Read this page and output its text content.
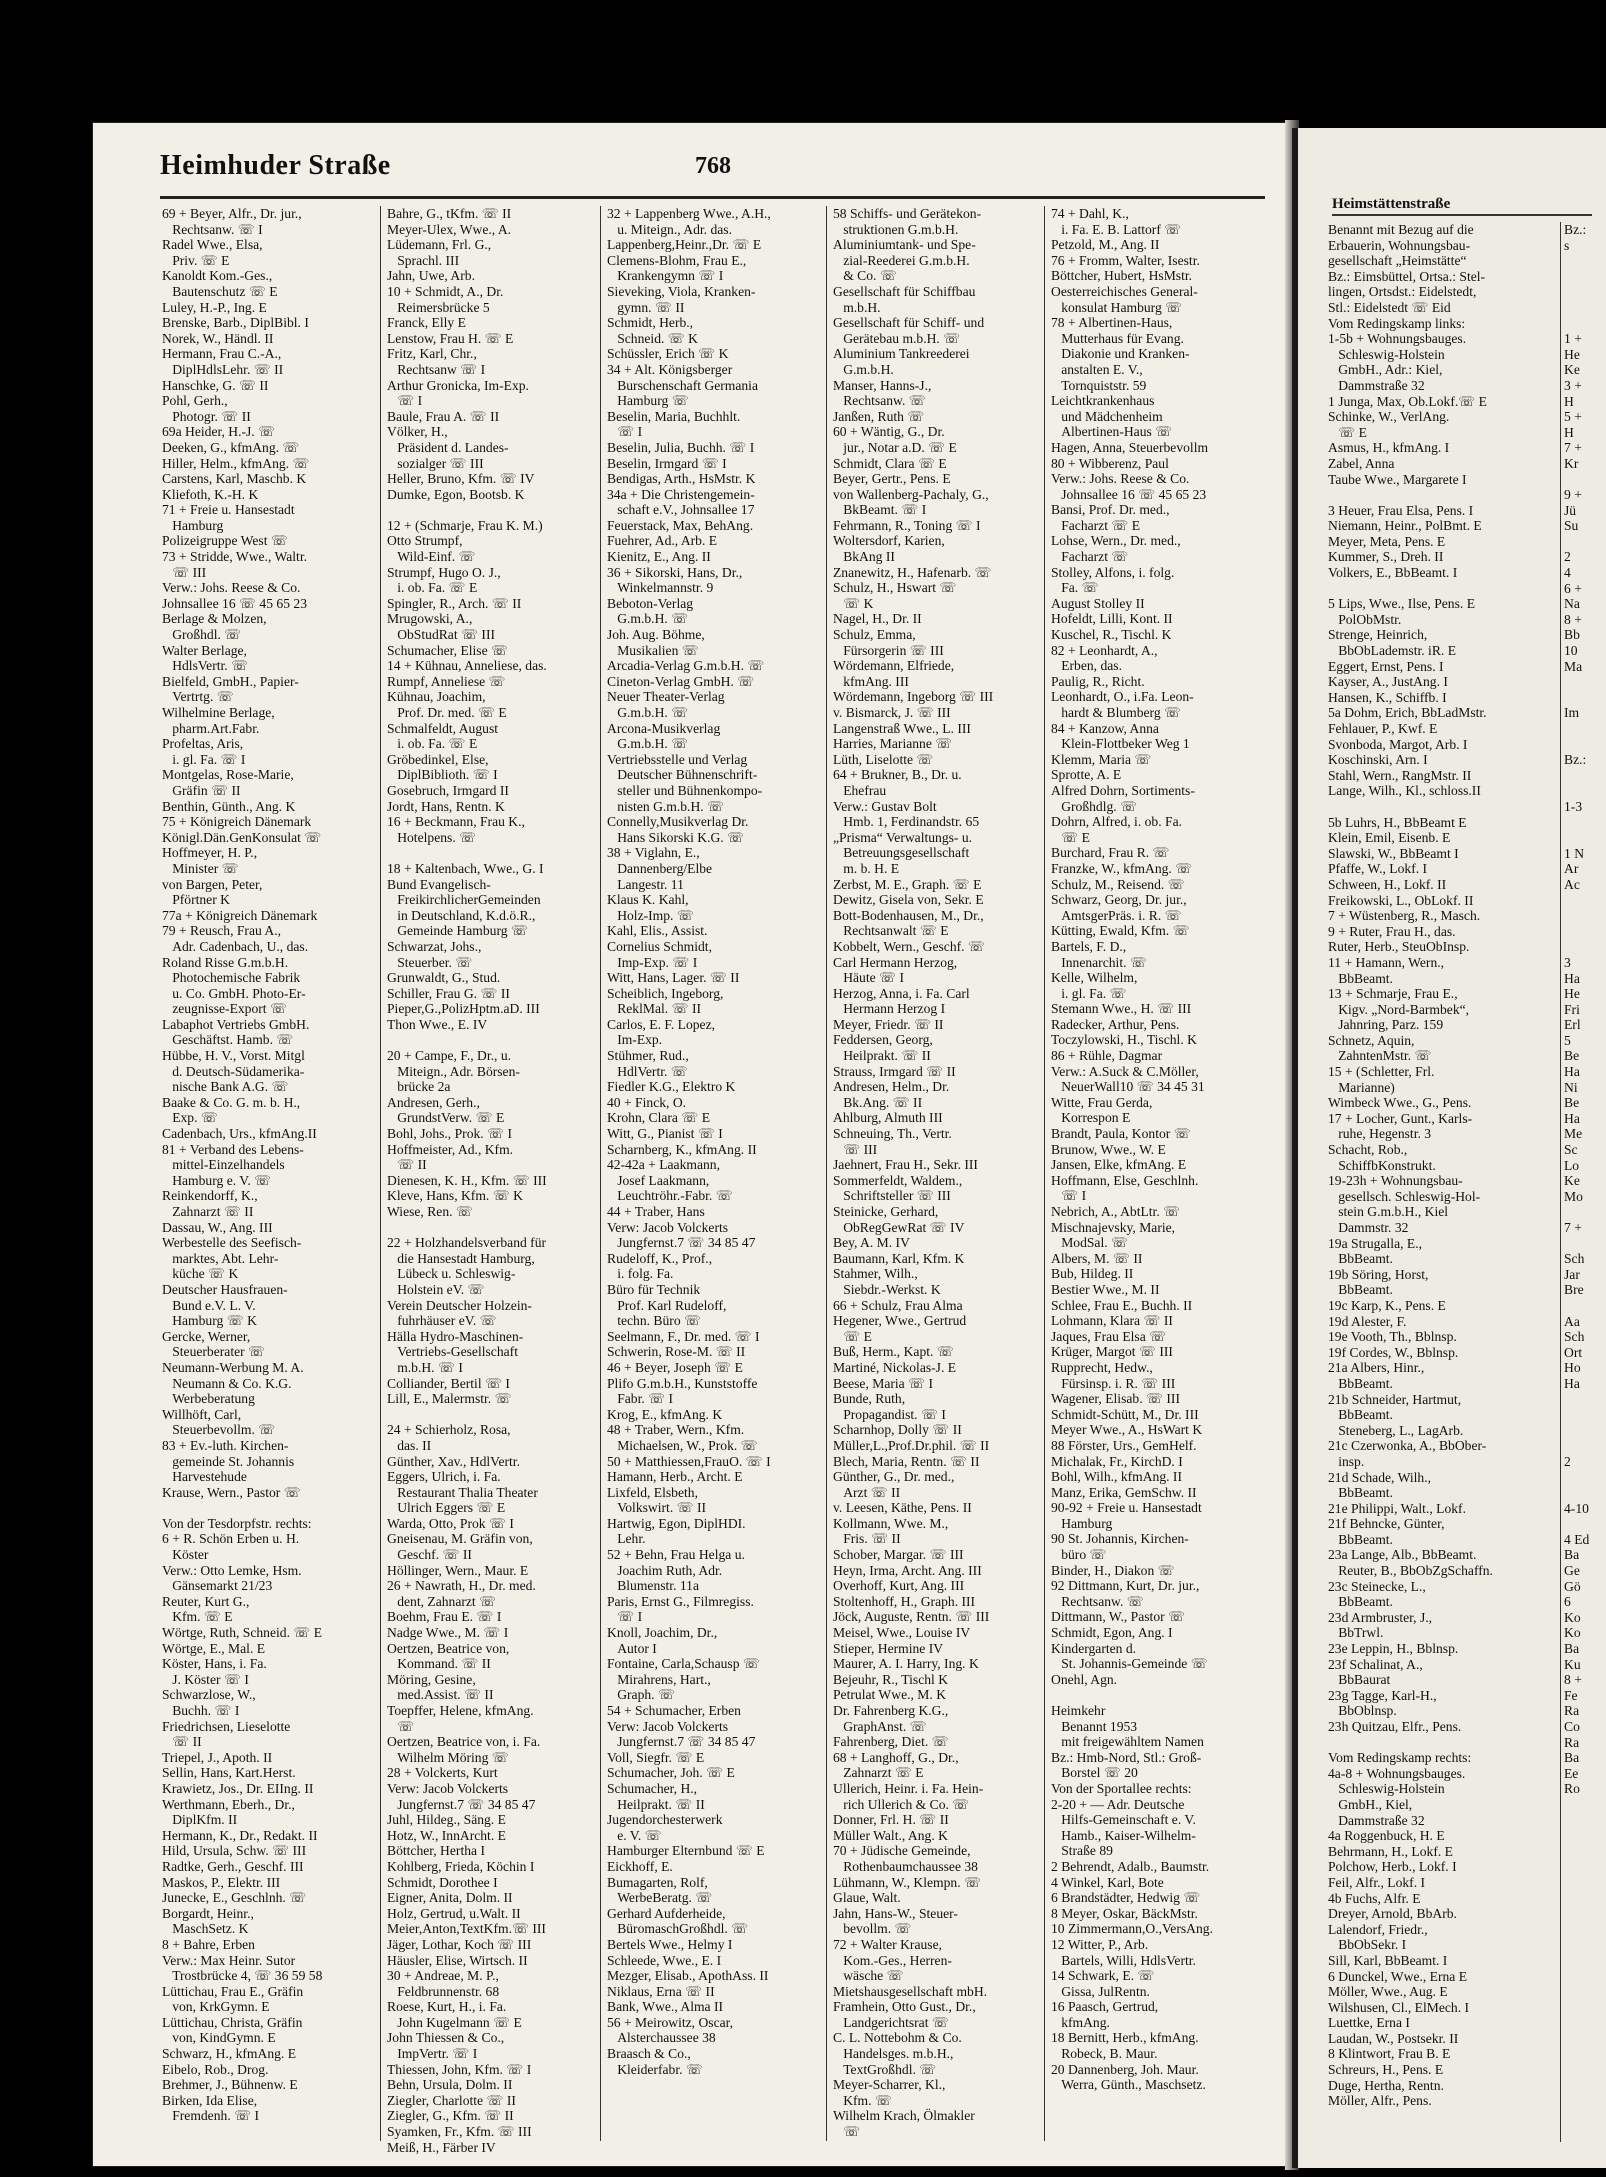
Heimhuder Straße	768
69 + Beyer, Alfr., Dr. jur.,
Rechtsanw. ☏ I
Radel Wwe., Elsa,
Priv. ☏ E
Kanoldt Kom.-Ges.,
Bautenschutz ☏ E
Luley, H.-P., Ing. E
Brenske, Barb., DiplBibl. I
Norek, W., Händl. II
Hermann, Frau C.-A.,
DiplHdlsLehr. ☏ II
Hanschke, G. ☏ II
Pohl, Gerh.,
Photogr. ☏ II
69a Heider, H.-J. ☏
Deeken, G., kfmAng. ☏
Hiller, Helm., kfmAng. ☏
Carstens, Karl, Maschb. K
Kliefoth, K.-H. K
71 + Freie u. Hansestadt
Hamburg
Polizeigruppe West ☏
73 + Stridde, Wwe., Waltr.
☏ III
Verw.: Johs. Reese & Co.
Johnsallee 16 ☏ 45 65 23
Berlage & Molzen,
Großhdl. ☏
Walter Berlage,
HdlsVertr. ☏
Bielfeld, GmbH., Papier-
Vertrtg. ☏
Wilhelmine Berlage,
pharm.Art.Fabr.
Profeltas, Aris,
i. gl. Fa. ☏ I
Montgelas, Rose-Marie,
Gräfin ☏ II
Benthin, Günth., Ang. K
75 + Königreich Dänemark
Königl.Dän.GenKonsulat ☏
Hoffmeyer, H. P.,
Minister ☏
von Bargen, Peter,
Pförtner K
77a + Königreich Dänemark
79 + Reusch, Frau A.,
Adr. Cadenbach, U., das.
Roland Risse G.m.b.H.
Photochemische Fabrik
u. Co. GmbH. Photo-Er-
zeugnisse-Export ☏
Labaphot Vertriebs GmbH.
Geschäftst. Hamb. ☏
Hübbe, H. V., Vorst. Mitgl
d. Deutsch-Südamerika-
nische Bank A.G. ☏
Baake & Co. G. m. b. H.,
Exp. ☏
Cadenbach, Urs., kfmAng.II
81 + Verband des Lebens-
mittel-Einzelhandels
Hamburg e. V. ☏
Reinkendorff, K.,
Zahnarzt ☏ II
Dassau, W., Ang. III
Werbestelle des Seefisch-
marktes, Abt. Lehr-
küche ☏ K
Deutscher Hausfrauen-
Bund e.V. L. V.
Hamburg ☏ K
Gercke, Werner,
Steuerberater ☏
Neumann-Werbung M. A.
Neumann & Co. K.G.
Werbeberatung
Willhöft, Carl,
Steuerbevollm. ☏
83 + Ev.-luth. Kirchen-
gemeinde St. Johannis
Harvestehude
Krause, Wern., Pastor ☏
Von der Tesdorpfstr. rechts:
6 + R. Schön Erben u. H.
Köster
Verw.: Otto Lemke, Hsm.
Gänsemarkt 21/23
Reuter, Kurt G.,
Kfm. ☏ E
Wörtge, Ruth, Schneid. ☏ E
Wörtge, E., Mal. E
Köster, Hans, i. Fa.
J. Köster ☏ I
Schwarzlose, W.,
Buchh. ☏ I
Friedrichsen, Lieselotte
☏ II
Triepel, J., Apoth. II
Sellin, Hans, Kart.Herst.
Krawietz, Jos., Dr. EIIng. II
Werthmann, Eberh., Dr.,
DiplKfm. II
Hermann, K., Dr., Redakt. II
Hild, Ursula, Schw. ☏ III
Radtke, Gerh., Geschf. III
Maskos, P., Elektr. III
Junecke, E., Geschlnh. ☏
Borgardt, Heinr.,
MaschSetz. K
8 + Bahre, Erben
Verw.: Max Heinr. Sutor
Trostbrücke 4, ☏ 36 59 58
Lüttichau, Frau E., Gräfin
von, KrkGymn. E
Lüttichau, Christa, Gräfin
von, KindGymn. E
Schwarz, H., kfmAng. E
Eibelo, Rob., Drog.
Brehmer, J., Bühnenw. E
Birken, Ida Elise,
Fremdenh. ☏ I
Bahre, G., tKfm. ☏ II
Meyer-Ulex, Wwe., A.
Lüdemann, Frl. G.,
Sprachl. III
Jahn, Uwe, Arb.
10 + Schmidt, A., Dr.
Reimersbrücke 5
Franck, Elly E
Lenstow, Frau H. ☏ E
Fritz, Karl, Chr.,
Rechtsanw ☏ I
Arthur Gronicka, Im-Exp.
☏ I
Baule, Frau A. ☏ II
Völker, H.,
Präsident d. Landes-
sozialger ☏ III
Heller, Bruno, Kfm. ☏ IV
Dumke, Egon, Bootsb. K
12 + (Schmarje, Frau K. M.)
Otto Strumpf,
Wild-Einf. ☏
Strumpf, Hugo O. J.,
i. ob. Fa. ☏ E
Spingler, R., Arch. ☏ II
Mrugowski, A.,
ObStudRat ☏ III
Schumacher, Elise ☏
14 + Kühnau, Anneliese, das.
Rumpf, Anneliese ☏
Kühnau, Joachim,
Prof. Dr. med. ☏ E
Schmalfeldt, August
i. ob. Fa. ☏ E
Gröbedinkel, Else,
DiplBiblioth. ☏ I
Gosebruch, Irmgard II
Jordt, Hans, Rentn. K
16 + Beckmann, Frau K.,
Hotelpens. ☏
18 + Kaltenbach, Wwe., G. I
Bund Evangelisch-
FreikirchlicherGemeinden
in Deutschland, K.d.ö.R.,
Gemeinde Hamburg ☏
Schwarzat, Johs.,
Steuerber. ☏
Grunwaldt, G., Stud.
Schiller, Frau G. ☏ II
Pieper,G.,PolizHptm.aD. III
Thon Wwe., E. IV
20 + Campe, F., Dr., u.
Miteign., Adr. Börsen-
brücke 2a
Andresen, Gerh.,
GrundstVerw. ☏ E
Bohl, Johs., Prok. ☏ I
Hoffmeister, Ad., Kfm.
☏ II
Dienesen, K. H., Kfm. ☏ III
Kleve, Hans, Kfm. ☏ K
Wiese, Ren. ☏
22 + Holzhandelsverband für
die Hansestadt Hamburg,
Lübeck u. Schleswig-
Holstein eV. ☏
Verein Deutscher Holzein-
fuhrhäuser eV. ☏
Hälla Hydro-Maschinen-
Vertriebs-Gesellschaft
m.b.H. ☏ I
Colliander, Bertil ☏ I
Lill, E., Malermstr. ☏
24 + Schierholz, Rosa,
das. II
Günther, Xav., HdlVertr.
Eggers, Ulrich, i. Fa.
Restaurant Thalia Theater
Ulrich Eggers ☏ E
Warda, Otto, Prok ☏ I
Gneisenau, M. Gräfin von,
Geschf. ☏ II
Höllinger, Wern., Maur. E
26 + Nawrath, H., Dr. med.
dent, Zahnarzt ☏
Boehm, Frau E. ☏ I
Nadge Wwe., M. ☏ I
Oertzen, Beatrice von,
Kommand. ☏ II
Möring, Gesine,
med.Assist. ☏ II
Toepffer, Helene, kfmAng.
☏
Oertzen, Beatrice von, i. Fa.
Wilhelm Möring ☏
28 + Volckerts, Kurt
Verw: Jacob Volckerts
Jungfernst.7 ☏ 34 85 47
Juhl, Hildeg., Säng. E
Hotz, W., InnArcht. E
Böttcher, Hertha I
Kohlberg, Frieda, Köchin I
Schmidt, Dorothee I
Eigner, Anita, Dolm. II
Holz, Gertrud, u.Walt. II
Meier,Anton,TextKfm.☏ III
Jäger, Lothar, Koch ☏ III
Häusler, Elise, Wirtsch. II
30 + Andreae, M. P.,
Feldbrunnenstr. 68
Roese, Kurt, H., i. Fa.
John Kugelmann ☏ E
John Thiessen & Co.,
ImpVertr. ☏ I
Thiessen, John, Kfm. ☏ I
Behn, Ursula, Dolm. II
Ziegler, Charlotte ☏ II
Ziegler, G., Kfm. ☏ II
Syamken, Fr., Kfm. ☏ III
Meiß, H., Färber IV
32 + Lappenberg Wwe., A.H.,
u. Miteign., Adr. das.
Lappenberg,Heinr.,Dr. ☏ E
Clemens-Blohm, Frau E.,
Krankengymn ☏ I
Sieveking, Viola, Kranken-
gymn. ☏ II
Schmidt, Herb.,
Schneid. ☏ K
Schüssler, Erich ☏ K
34 + Alt. Königsberger
Burschenschaft Germania
Hamburg ☏
Beselin, Maria, Buchhlt.
☏ I
Beselin, Julia, Buchh. ☏ I
Beselin, Irmgard ☏ I
Bendigas, Arth., HsMstr. K
34a + Die Christengemein-
schaft e.V., Johnsallee 17
Feuerstack, Max, BehAng.
Fuehrer, Ad., Arb. E
Kienitz, E., Ang. II
36 + Sikorski, Hans, Dr.,
Winkelmannstr. 9
Beboton-Verlag
G.m.b.H. ☏
Joh. Aug. Böhme,
Musikalien ☏
Arcadia-Verlag G.m.b.H. ☏
Cineton-Verlag GmbH. ☏
Neuer Theater-Verlag
G.m.b.H. ☏
Arcona-Musikverlag
G.m.b.H. ☏
Vertriebsstelle und Verlag
Deutscher Bühnenschrift-
steller und Bühnenkompo-
nisten G.m.b.H. ☏
Connelly,Musikverlag Dr.
Hans Sikorski K.G. ☏
38 + Viglahn, E.,
Dannenberg/Elbe
Langestr. 11
Klaus K. Kahl,
Holz-Imp. ☏
Kahl, Elis., Assist.
Cornelius Schmidt,
Imp-Exp. ☏ I
Witt, Hans, Lager. ☏ II
Scheiblich, Ingeborg,
ReklMal. ☏ II
Carlos, E. F. Lopez,
Im-Exp.
Stühmer, Rud.,
HdlVertr. ☏
Fiedler K.G., Elektro K
40 + Finck, O.
Krohn, Clara ☏ E
Witt, G., Pianist ☏ I
Scharnberg, K., kfmAng. II
42-42a + Laakmann,
Josef Laakmann,
Leuchtröhr.-Fabr. ☏
44 + Traber, Hans
Verw: Jacob Volckerts
Jungfernst.7 ☏ 34 85 47
Rudeloff, K., Prof.,
i. folg. Fa.
Büro für Technik
Prof. Karl Rudeloff,
techn. Büro ☏
Seelmann, F., Dr. med. ☏ I
Schwerin, Rose-M. ☏ II
46 + Beyer, Joseph ☏ E
Plifo G.m.b.H., Kunststoffe
Fabr. ☏ I
Krog, E., kfmAng. K
48 + Traber, Wern., Kfm.
Michaelsen, W., Prok. ☏
50 + Matthiessen,FrauO. ☏ I
Hamann, Herb., Archt. E
Lixfeld, Elsbeth,
Volkswirt. ☏ II
Hartwig, Egon, DiplHDI.
Lehr.
52 + Behn, Frau Helga u.
Joachim Ruth, Adr.
Blumenstr. 11a
Paris, Ernst G., Filmregiss.
☏ I
Knoll, Joachim, Dr.,
Autor I
Fontaine, Carla,Schausp ☏
Mirahrens, Hart.,
Graph. ☏
54 + Schumacher, Erben
Verw: Jacob Volckerts
Jungfernst.7 ☏ 34 85 47
Voll, Siegfr. ☏ E
Schumacher, Joh. ☏ E
Schumacher, H.,
Heilprakt. ☏ II
Jugendorchesterwerk
e. V. ☏
Hamburger Elternbund ☏ E
Eickhoff, E.
Bumagarten, Rolf,
WerbeBeratg. ☏
Gerhard Aufderheide,
BüromaschGroßhdl. ☏
Bertels Wwe., Helmy I
Schleede, Wwe., E. I
Mezger, Elisab., ApothAss. II
Niklaus, Erna ☏ II
Bank, Wwe., Alma II
56 + Meirowitz, Oscar,
Alsterchaussee 38
Braasch & Co.,
Kleiderfabr. ☏
58 Schiffs- und Gerätekon-
struktionen G.m.b.H.
Aluminiumtank- und Spe-
zial-Reederei G.m.b.H.
& Co. ☏
Gesellschaft für Schiffbau
m.b.H.
Gesellschaft für Schiff- und
Gerätebau m.b.H. ☏
Aluminium Tankreederei
G.m.b.H.
Manser, Hanns-J.,
Rechtsanw. ☏
Janßen, Ruth ☏
60 + Wäntig, G., Dr.
jur., Notar a.D. ☏ E
Schmidt, Clara ☏ E
Beyer, Gertr., Pens. E
von Wallenberg-Pachaly, G.,
BkBeamt. ☏ I
Fehrmann, R., Toning ☏ I
Woltersdorf, Karien,
BkAng II
Znanewitz, H., Hafenarb. ☏
Schulz, H., Hswart ☏
☏ K
Nagel, H., Dr. II
Schulz, Emma,
Fürsorgerin ☏ III
Wördemann, Elfriede,
kfmAng. III
Wördemann, Ingeborg ☏ III
v. Bismarck, J. ☏ III
Langenstraß Wwe., L. III
Harries, Marianne ☏
Lüth, Liselotte ☏
64 + Brukner, B., Dr. u.
Ehefrau
Verw.: Gustav Bolt
Hmb. 1, Ferdinandstr. 65
„Prisma“ Verwaltungs- u.
Betreuungsgesellschaft
m. b. H. E
Zerbst, M. E., Graph. ☏ E
Dewitz, Gisela von, Sekr. E
Bott-Bodenhausen, M., Dr.,
Rechtsanwalt ☏ E
Kobbelt, Wern., Geschf. ☏
Carl Hermann Herzog,
Häute ☏ I
Herzog, Anna, i. Fa. Carl
Hermann Herzog I
Meyer, Friedr. ☏ II
Feddersen, Georg,
Heilprakt. ☏ II
Strauss, Irmgard ☏ II
Andresen, Helm., Dr.
Bk.Ang. ☏ II
Ahlburg, Almuth III
Schneuing, Th., Vertr.
☏ III
Jaehnert, Frau H., Sekr. III
Sommerfeldt, Waldem.,
Schriftsteller ☏ III
Steinicke, Gerhard,
ObRegGewRat ☏ IV
Bey, A. M. IV
Baumann, Karl, Kfm. K
Stahmer, Wilh.,
Siebdr.-Werkst. K
66 + Schulz, Frau Alma
Hegener, Wwe., Gertrud
☏ E
Buß, Herm., Kapt. ☏
Martiné, Nickolas-J. E
Beese, Maria ☏ I
Bunde, Ruth,
Propagandist. ☏ I
Scharnhop, Dolly ☏ II
Müller,L.,Prof.Dr.phil. ☏ II
Blech, Maria, Rentn. ☏ II
Günther, G., Dr. med.,
Arzt ☏ II
v. Leesen, Käthe, Pens. II
Kollmann, Wwe. M.,
Fris. ☏ II
Schober, Margar. ☏ III
Heyn, Irma, Archt. Ang. III
Overhoff, Kurt, Ang. III
Stoltenhoff, H., Graph. III
Jöck, Auguste, Rentn. ☏ III
Meisel, Wwe., Louise IV
Stieper, Hermine IV
Maurer, A. I. Harry, Ing. K
Bejeuhr, R., Tischl K
Petrulat Wwe., M. K
Dr. Fahrenberg K.G.,
GraphAnst. ☏
Fahrenberg, Diet. ☏
68 + Langhoff, G., Dr.,
Zahnarzt ☏ E
Ullerich, Heinr. i. Fa. Hein-
rich Ullerich & Co. ☏
Donner, Frl. H. ☏ II
Müller Walt., Ang. K
70 + Jüdische Gemeinde,
Rothenbaumchaussee 38
Lühmann, W., Klempn. ☏
Glaue, Walt.
Jahn, Hans-W., Steuer-
bevollm. ☏
72 + Walter Krause,
Kom.-Ges., Herren-
wäsche ☏
Mietshausgesellschaft mbH.
Framhein, Otto Gust., Dr.,
Landgerichtsrat ☏
C. L. Nottebohm & Co.
Handelsges. m.b.H.,
TextGroßhdl. ☏
Meyer-Scharrer, Kl.,
Kfm. ☏
Wilhelm Krach, Ölmakler
☏
74 + Dahl, K.,
i. Fa. E. B. Lattorf ☏
Petzold, M., Ang. II
76 + Fromm, Walter, Isestr.
Böttcher, Hubert, HsMstr.
Oesterreichisches General-
konsulat Hamburg ☏
78 + Albertinen-Haus,
Mutterhaus für Evang.
Diakonie und Kranken-
anstalten E. V.,
Tornquiststr. 59
Leichtkrankenhaus
und Mädchenheim
Albertinen-Haus ☏
Hagen, Anna, Steuerbevollm
80 + Wibberenz, Paul
Verw.: Johs. Reese & Co.
Johnsallee 16 ☏ 45 65 23
Bansi, Prof. Dr. med.,
Facharzt ☏ E
Lohse, Wern., Dr. med.,
Facharzt ☏
Stolley, Alfons, i. folg.
Fa. ☏
August Stolley II
Hofeldt, Lilli, Kont. II
Kuschel, R., Tischl. K
82 + Leonhardt, A.,
Erben, das.
Paulig, R., Richt.
Leonhardt, O., i.Fa. Leon-
hardt & Blumberg ☏
84 + Kanzow, Anna
Klein-Flottbeker Weg 1
Klemm, Maria ☏
Sprotte, A. E
Alfred Dohrn, Sortiments-
Großhdlg. ☏
Dohrn, Alfred, i. ob. Fa.
☏ E
Burchard, Frau R. ☏
Franzke, W., kfmAng. ☏
Schulz, M., Reisend. ☏
Schwarz, Georg, Dr. jur.,
AmtsgerPräs. i. R. ☏
Kütting, Ewald, Kfm. ☏
Bartels, F. D.,
Innenarchit. ☏
Kelle, Wilhelm,
i. gl. Fa. ☏
Stemann Wwe., H. ☏ III
Radecker, Arthur, Pens.
Toczylowski, H., Tischl. K
86 + Rühle, Dagmar
Verw.: A.Suck & C.Möller,
NeuerWall10 ☏ 34 45 31
Witte, Frau Gerda,
Korrespon E
Brandt, Paula, Kontor ☏
Brunow, Wwe., W. E
Jansen, Elke, kfmAng. E
Hoffmann, Else, Geschlnh.
☏ I
Nebrich, A., AbtLtr. ☏
Mischnajevsky, Marie,
ModSal. ☏
Albers, M. ☏ II
Bub, Hildeg. II
Bestier Wwe., M. II
Schlee, Frau E., Buchh. II
Lohmann, Klara ☏ II
Jaques, Frau Elsa ☏
Krüger, Margot ☏ III
Rupprecht, Hedw.,
Fürsinsp. i. R. ☏ III
Wagener, Elisab. ☏ III
Schmidt-Schütt, M., Dr. III
Meyer Wwe., A., HsWart K
88 Förster, Urs., GemHelf.
Michalak, Fr., KirchD. I
Bohl, Wilh., kfmAng. II
Manz, Erika, GemSchw. II
90-92 + Freie u. Hansestadt
Hamburg
90 St. Johannis, Kirchen-
büro ☏
Binder, H., Diakon ☏
92 Dittmann, Kurt, Dr. jur.,
Rechtsanw. ☏
Dittmann, W., Pastor ☏
Schmidt, Egon, Ang. I
Kindergarten d.
St. Johannis-Gemeinde ☏
Onehl, Agn.
Heimkehr
Benannt 1953
mit freigewähltem Namen
Bz.: Hmb-Nord, Stl.: Groß-
Borstel ☏ 20
Von der Sportallee rechts:
2-20 + — Adr. Deutsche
Hilfs-Gemeinschaft e. V.
Hamb., Kaiser-Wilhelm-
Straße 89
2 Behrendt, Adalb., Baumstr.
4 Winkel, Karl, Bote
6 Brandstädter, Hedwig ☏
8 Meyer, Oskar, BäckMstr.
10 Zimmermann,O.,VersAng.
12 Witter, P., Arb.
Bartels, Willi, HdlsVertr.
14 Schwark, E. ☏
Gissa, JulRentn.
16 Paasch, Gertrud,
kfmAng.
18 Bernitt, Herb., kfmAng.
Robeck, B. Maur.
20 Dannenberg, Joh. Maur.
Werra, Günth., Maschsetz.
Heimstättenstraße
Benannt mit Bezug auf die
Erbauerin, Wohnungsbau-
gesellschaft „Heimstätte“
Bz.: Eimsbüttel, Ortsa.: Stel-
lingen, Ortsdst.: Eidelstedt,
Stl.: Eidelstedt ☏ Eid
Vom Redingskamp links:
1-5b + Wohnungsbauges.
Schleswig-Holstein
GmbH., Adr.: Kiel,
Dammstraße 32
1 Junga, Max, Ob.Lokf.☏ E
Schinke, W., VerlAng.
☏ E
Asmus, H., kfmAng. I
Zabel, Anna
Taube Wwe., Margarete I
3 Heuer, Frau Elsa, Pens. I
Niemann, Heinr., PolBmt. E
Meyer, Meta, Pens. E
Kummer, S., Dreh. II
Volkers, E., BbBeamt. I
5 Lips, Wwe., Ilse, Pens. E
PolObMstr.
Strenge, Heinrich,
BbObLademstr. iR. E
Eggert, Ernst, Pens. I
Kayser, A., JustAng. I
Hansen, K., Schiffb. I
5a Dohm, Erich, BbLadMstr.
Fehlauer, P., Kwf. E
Svonboda, Margot, Arb. I
Koschinski, Arn. I
Stahl, Wern., RangMstr. II
Lange, Wilh., Kl., schloss.II
5b Luhrs, H., BbBeamt E
Klein, Emil, Eisenb. E
Slawski, W., BbBeamt I
Pfaffe, W., Lokf. I
Schween, H., Lokf. II
Freikowski, L., ObLokf. II
7 + Wüstenberg, R., Masch.
9 + Ruter, Frau H., das.
Ruter, Herb., SteuObInsp.
11 + Hamann, Wern.,
BbBeamt.
13 + Schmarje, Frau E.,
Kigv. „Nord-Barmbek“,
Jahnring, Parz. 159
Schnetz, Aquin,
ZahntenMstr. ☏
15 + (Schletter, Frl.
Marianne)
Wimbeck Wwe., G., Pens.
17 + Locher, Gunt., Karls-
ruhe, Hegenstr. 3
Schacht, Rob.,
SchiffbKonstrukt.
19-23h + Wohnungsbau-
gesellsch. Schleswig-Hol-
stein G.m.b.H., Kiel
Dammstr. 32
19a Strugalla, E.,
BbBeamt.
19b Söring, Horst,
BbBeamt.
19c Karp, K., Pens. E
19d Alester, F.
19e Vooth, Th., Bblnsp.
19f Cordes, W., Bblnsp.
21a Albers, Hinr.,
BbBeamt.
21b Schneider, Hartmut,
BbBeamt.
Steneberg, L., LagArb.
21c Czerwonka, A., BbOber-
insp.
21d Schade, Wilh.,
BbBeamt.
21e Philippi, Walt., Lokf.
21f Behncke, Günter,
BbBeamt.
23a Lange, Alb., BbBeamt.
Reuter, B., BbObZgSchaffn.
23c Steinecke, L.,
BbBeamt.
23d Armbruster, J.,
BbTrwl.
23e Leppin, H., Bblnsp.
23f Schalinat, A.,
BbBaurat
23g Tagge, Karl-H.,
BbOblnsp.
23h Quitzau, Elfr., Pens.
Vom Redingskamp rechts:
4a-8 + Wohnungsbauges.
Schleswig-Holstein
GmbH., Kiel,
Dammstraße 32
4a Roggenbuck, H. E
Behrmann, H., Lokf. E
Polchow, Herb., Lokf. I
Feil, Alfr., Lokf. I
4b Fuchs, Alfr. E
Dreyer, Arnold, BbArb.
Lalendorf, Friedr.,
BbObSekr. I
Sill, Karl, BbBeamt. I
6 Dunckel, Wwe., Erna E
Möller, Wwe., Aug. E
Wilshusen, Cl., ElMech. I
Luettke, Erna I
Laudan, W., Postsekr. II
8 Klintwort, Frau B. E
Schreurs, H., Pens. E
Duge, Hertha, Rentn.
Möller, Alfr., Pens.
Bz.:
s
1 +
He
Ke
3 +
H
5 +
H
7 +
Kr
9 +
Jü
Su
2
4
6 +
Na
8 +
Bb
10
Ma
Im
Bz.:
1-3
1 N
Ar
Ac
3
Ha
He
Fri
Erl
5
Be
Ha
Ni
Be
Ha
Me
Sc
Lo
Ke
Mo
7 +
Sch
Jar
Bre
Aa
Sch
Ort
Ho
Ha
2
4-10
4 Ed
Ba
Ge
Gö
6
Ko
Ko
Ba
Ku
8 +
Fe
Ra
Co
Ra
Ba
Ee
Ro
